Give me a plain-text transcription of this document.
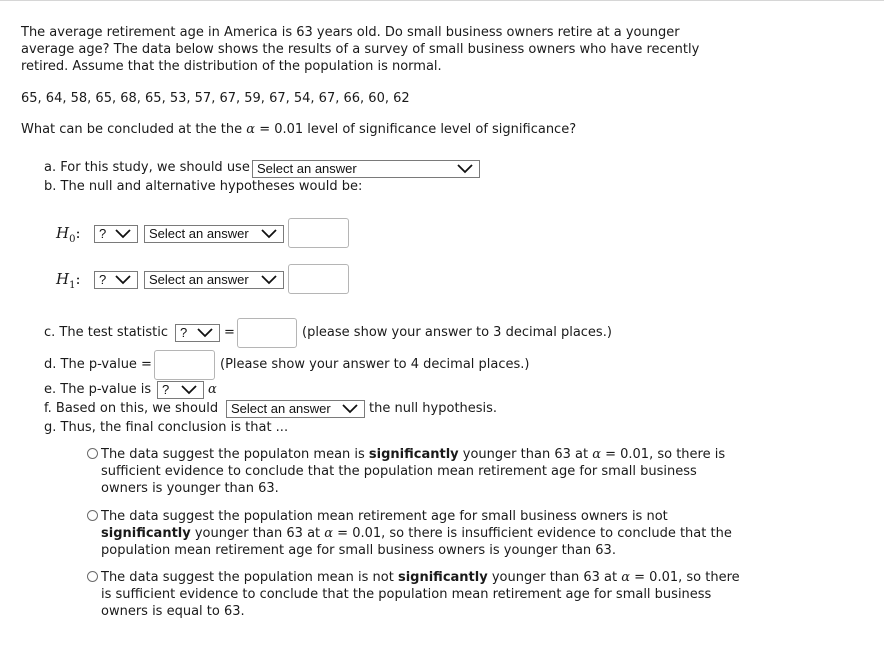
The average retirement age in America is 63 years old. Do small business owners retire at a younger average age? The data below shows the results of a survey of small business owners who have recently retired. Assume that the distribution of the population is normal.
65, 64, 58, 65, 68, 65, 53, 57, 67, 59, 67, 54, 67, 66, 60, 62
What can be concluded at the the α = 0.01 level of significance level of significance?
a. For this study, we should use Select an answer
b. The null and alternative hypotheses would be:
$H_0$:	?	Select an answer
$H_1$:	?	Select an answer
c. The test statistic ?	=	(please show your answer to 3 decimal places.)
d. The p-value =	(Please show your answer to 4 decimal places.)
e. The p-value is ?	α
f. Based on this, we should Select an answer	the null hypothesis.
g. Thus, the final conclusion is that ...
The data suggest the populaton mean is significantly younger than 63 at α = 0.01, so there is sufficient evidence to conclude that the population mean retirement age for small business owners is younger than 63.
The data suggest the population mean retirement age for small business owners is not significantly younger than 63 at α = 0.01, so there is insufficient evidence to conclude that the population mean retirement age for small business owners is younger than 63.
The data suggest the population mean is not significantly younger than 63 at α = 0.01, so there is sufficient evidence to conclude that the population mean retirement age for small business owners is equal to 63.
